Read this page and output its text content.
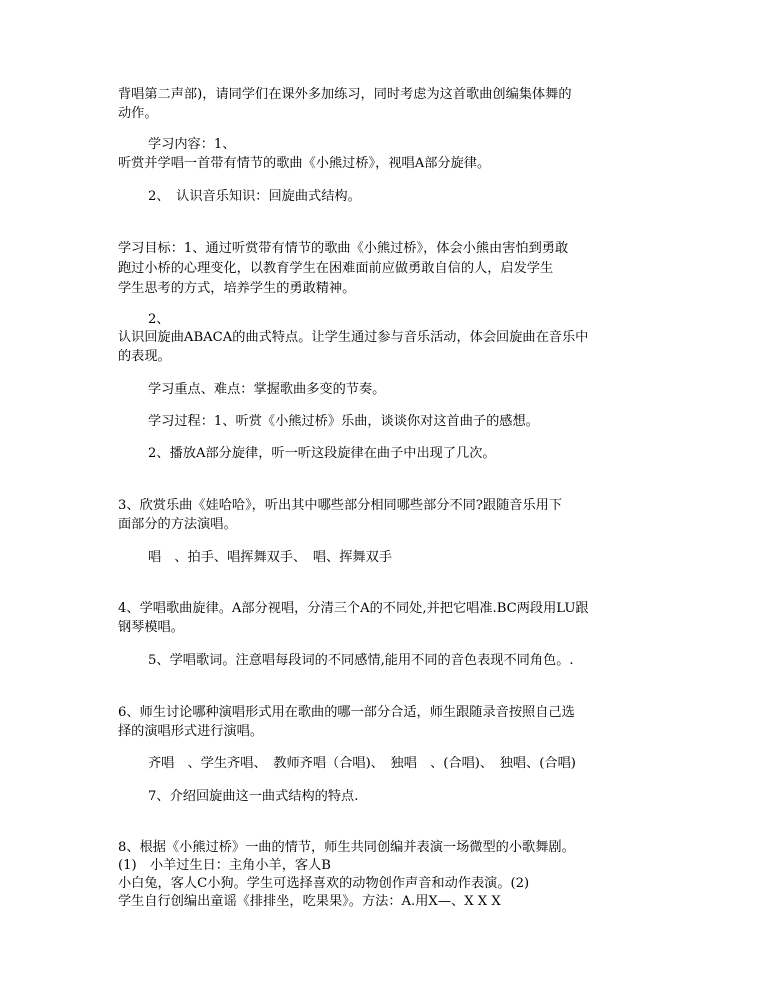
背唱第二声部)，请同学们在课外多加练习，同时考虑为这首歌曲创编集体舞的
动作。
学习内容：1、
听赏并学唱一首带有情节的歌曲《小熊过桥》，视唱A部分旋律。
2、　认识音乐知识：回旋曲式结构。
学习目标：1、通过听赏带有情节的歌曲《小熊过桥》，体会小熊由害怕到勇敢
跑过小桥的心理变化，以教育学生在困难面前应做勇敢自信的人，启发学生
学生思考的方式，培养学生的勇敢精神。
2、
认识回旋曲ABACA的曲式特点。让学生通过参与音乐活动，体会回旋曲在音乐中
的表现。
学习重点、难点：掌握歌曲多变的节奏。
学习过程：1、听赏《小熊过桥》乐曲，谈谈你对这首曲子的感想。
2、播放A部分旋律，听一听这段旋律在曲子中出现了几次。
3、欣赏乐曲《娃哈哈》，听出其中哪些部分相同哪些部分不同?跟随音乐用下
面部分的方法演唱。
唱　、拍手、唱挥舞双手、　唱、挥舞双手
4、学唱歌曲旋律。A部分视唱，分清三个A的不同处,并把它唱准.BC两段用LU跟
钢琴模唱。
5、学唱歌词。注意唱每段词的不同感情,能用不同的音色表现不同角色。.
6、师生讨论哪种演唱形式用在歌曲的哪一部分合适，师生跟随录音按照自己选
择的演唱形式进行演唱。
齐唱　、学生齐唱、　教师齐唱（合唱)、　独唱　、(合唱)、　独唱、(合唱)
7、介绍回旋曲这一曲式结构的特点.
8、根据《小熊过桥》一曲的情节，师生共同创编并表演一场微型的小歌舞剧。
(1)　小羊过生日：主角小羊，客人B
小白兔，客人C小狗。学生可选择喜欢的动物创作声音和动作表演。(2)
学生自行创编出童谣《排排坐，吃果果》。方法：A.用X—、X X X
